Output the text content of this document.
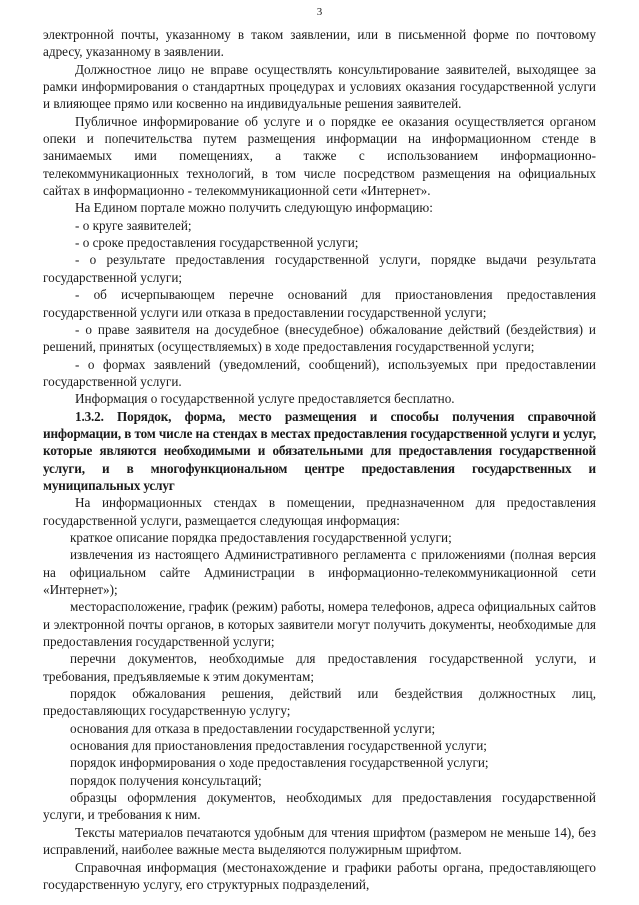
3

электронной почты, указанному в таком заявлении, или в письменной форме по почтовому адресу, указанному в заявлении.

Должностное лицо не вправе осуществлять консультирование заявителей, выходящее за рамки информирования о стандартных процедурах и условиях оказания государственной услуги и влияющее прямо или косвенно на индивидуальные решения заявителей.

Публичное информирование об услуге и о порядке ее оказания осуществляется органом опеки и попечительства путем размещения информации на информационном стенде в занимаемых ими помещениях, а также с использованием информационно-телекоммуникационных технологий, в том числе посредством размещения на официальных сайтах в информационно - телекоммуникационной сети «Интернет».

На Едином портале можно получить следующую информацию:

- о круге заявителей;

- о сроке предоставления государственной услуги;

- о результате предоставления государственной услуги, порядке выдачи результата государственной услуги;

- об исчерпывающем перечне оснований для приостановления предоставления государственной услуги или отказа в предоставлении государственной услуги;

- о праве заявителя на досудебное (внесудебное) обжалование действий (бездействия) и решений, принятых (осуществляемых) в ходе предоставления государственной услуги;

- о формах заявлений (уведомлений, сообщений), используемых при предоставлении государственной услуги.

Информация о государственной услуге предоставляется бесплатно.

1.3.2. Порядок, форма, место размещения и способы получения справочной информации, в том числе на стендах в местах предоставления государственной услуги и услуг, которые являются необходимыми и обязательными для предоставления государственной услуги, и в многофункциональном центре предоставления государственных и муниципальных услуг

На информационных стендах в помещении, предназначенном для предоставления государственной услуги, размещается следующая информация:

краткое описание порядка предоставления государственной услуги;

извлечения из настоящего Административного регламента с приложениями (полная версия на официальном сайте Администрации в информационно-телекоммуникационной сети «Интернет»);

месторасположение, график (режим) работы, номера телефонов, адреса официальных сайтов и электронной почты органов, в которых заявители могут получить документы, необходимые для предоставления государственной услуги;

перечни документов, необходимые для предоставления государственной услуги, и требования, предъявляемые к этим документам;

порядок обжалования решения, действий или бездействия должностных лиц, предоставляющих государственную услугу;

основания для отказа в предоставлении государственной услуги;

основания для приостановления предоставления государственной услуги;

порядок информирования о ходе предоставления государственной услуги;

порядок получения консультаций;

образцы оформления документов, необходимых для предоставления государственной услуги, и требования к ним.

Тексты материалов печатаются удобным для чтения шрифтом (размером не меньше 14), без исправлений, наиболее важные места выделяются полужирным шрифтом.

Справочная информация (местонахождение и графики работы органа, предоставляющего государственную услугу, его структурных подразделений,
